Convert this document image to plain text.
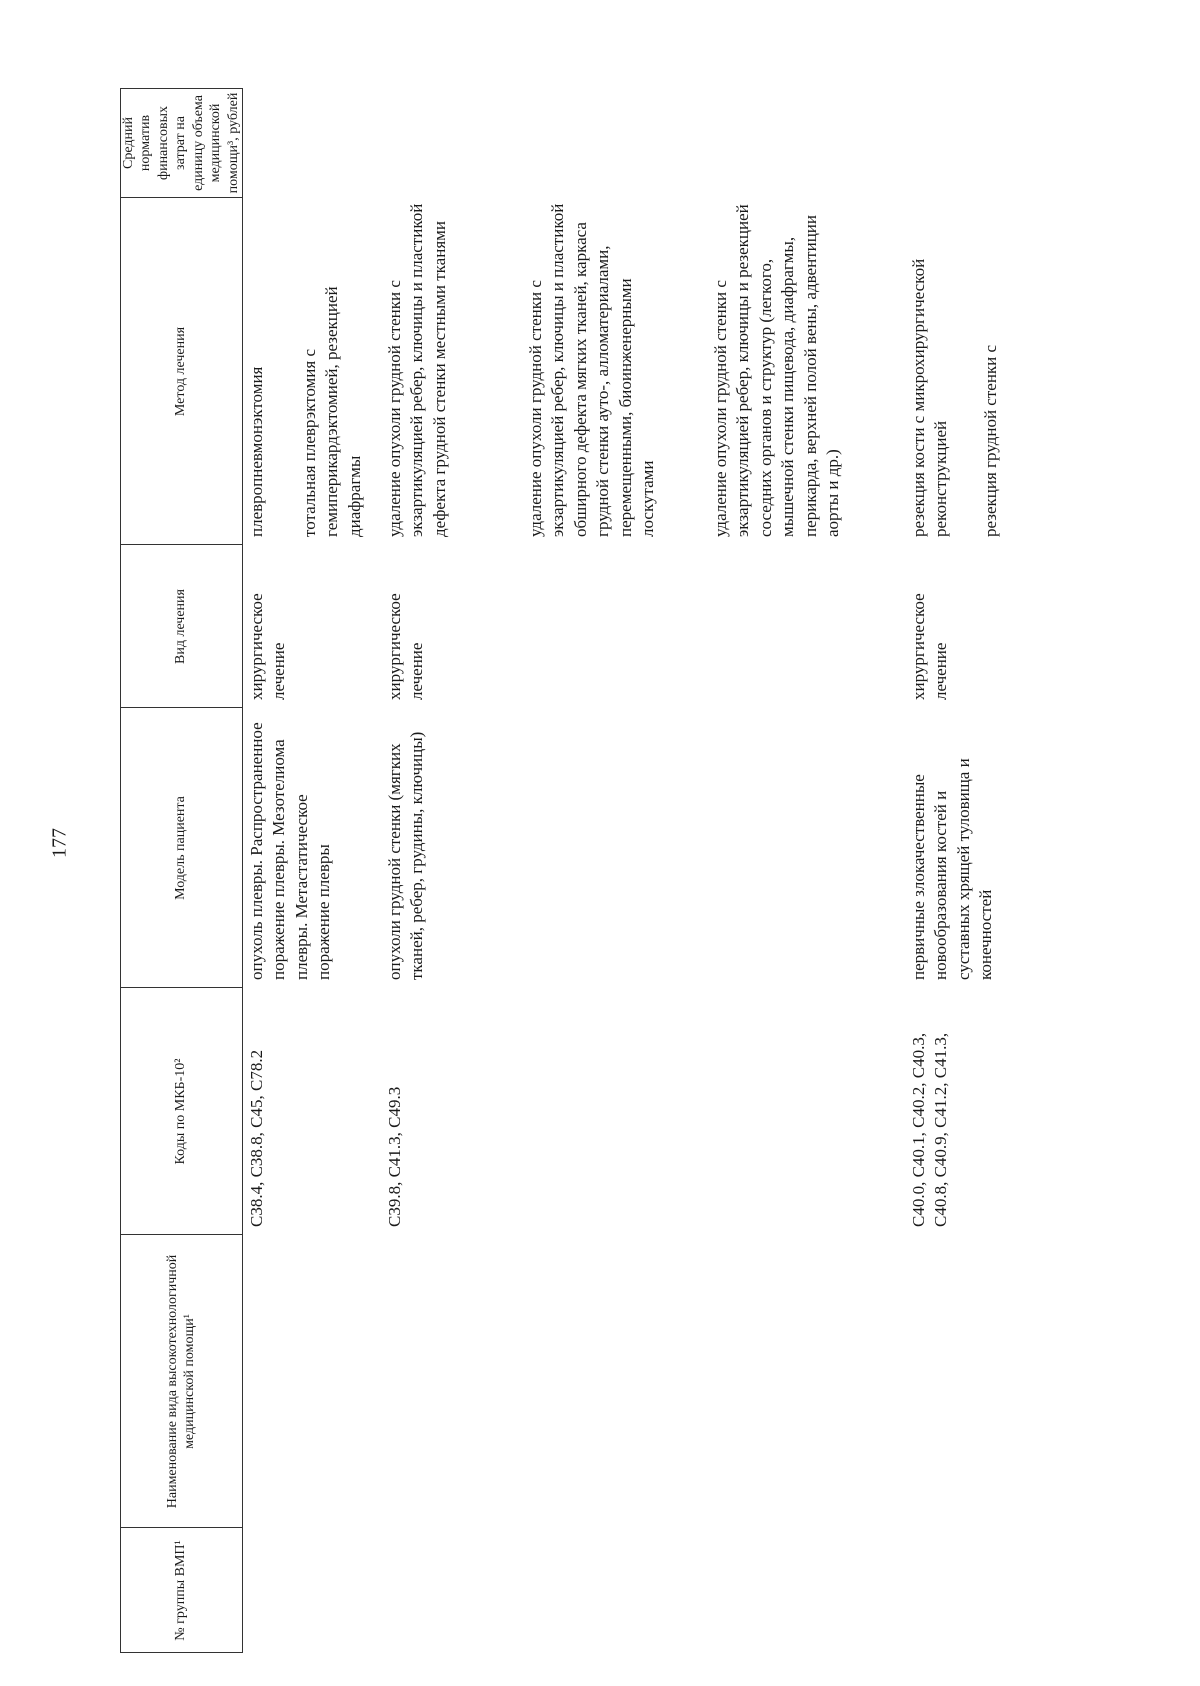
177
№ группы ВМП¹
Наименование вида высокотехнологичной медицинской помощи¹
Коды по МКБ-10²
Модель пациента
Вид лечения
Метод лечения
Средний норматив финансовых затрат на единицу объема медицинской помощи³, рублей
C38.4, C38.8, C45, C78.2
опухоль плевры. Распространенное поражение плевры. Мезотелиома плевры. Метастатическое поражение плевры
хирургическое лечение
плевропневмонэктомия тотальная плеврэктомия с гемиперикардэктомией, резекцией диафрагмы
C39.8, C41.3, C49.3
опухоли грудной стенки (мягких тканей, ребер, грудины, ключицы)
хирургическое лечение
удаление опухоли грудной стенки с экзартикуляцией ребер, ключицы и пластикой дефекта грудной стенки местными тканями	удаление опухоли грудной стенки с экзартикуляцией ребер, ключицы и пластикой обширного дефекта мягких тканей, каркаса грудной стенки ауто-, алломатериалами, перемещенными, биоинженерными лоскутами	удаление опухоли грудной стенки с экзартикуляцией ребер, ключицы и резекцией соседних органов и структур (легкого, мышечной стенки пищевода, диафрагмы, перикарда, верхней полой вены, адвентиции аорты и др.)
C40.0, C40.1, C40.2, C40.3, C40.8, C40.9, C41.2, C41.3,
первичные злокачественные новообразования костей и суставных хрящей туловища и конечностей
хирургическое лечение
резекция кости с микрохирургической реконструкцией резекция грудной стенки с
